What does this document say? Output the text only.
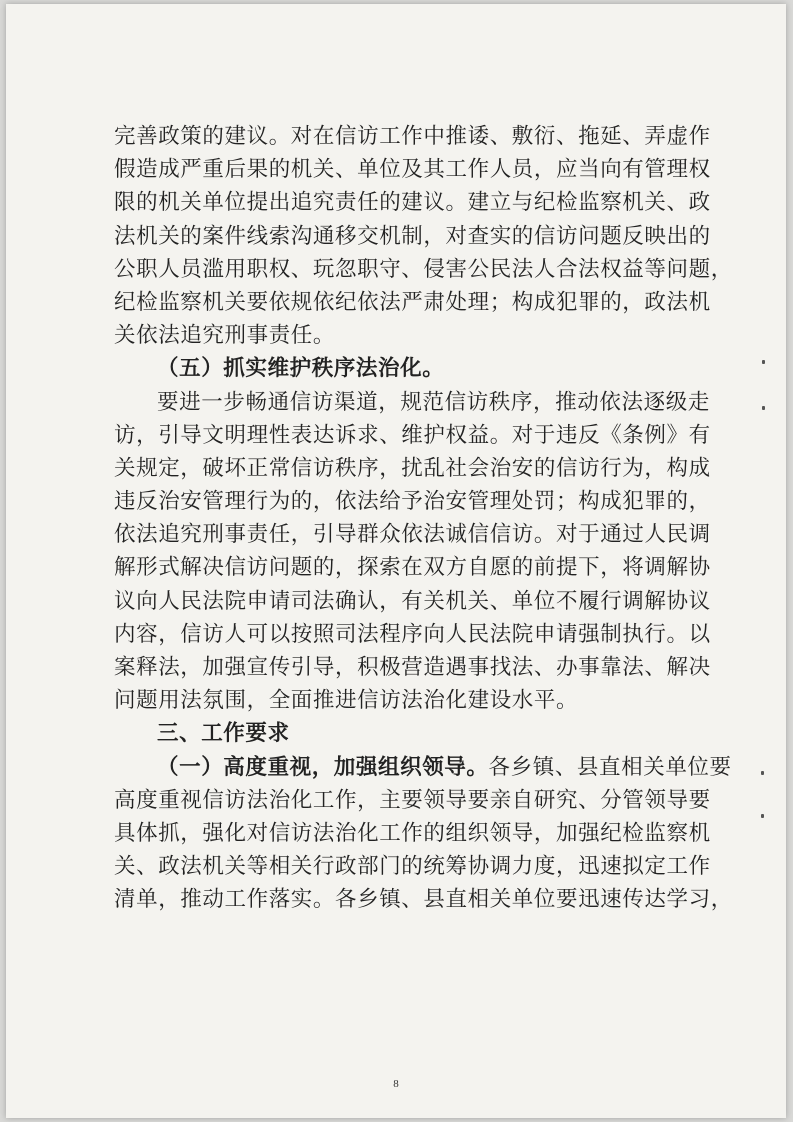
完善政策的建议。对在信访工作中推诿、敷衍、拖延、弄虚作
假造成严重后果的机关、单位及其工作人员，应当向有管理权
限的机关单位提出追究责任的建议。建立与纪检监察机关、政
法机关的案件线索沟通移交机制，对查实的信访问题反映出的
公职人员滥用职权、玩忽职守、侵害公民法人合法权益等问题，
纪检监察机关要依规依纪依法严肃处理；构成犯罪的，政法机
关依法追究刑事责任。
（五）抓实维护秩序法治化。
要进一步畅通信访渠道，规范信访秩序，推动依法逐级走
访，引导文明理性表达诉求、维护权益。对于违反《条例》有
关规定，破坏正常信访秩序，扰乱社会治安的信访行为，构成
违反治安管理行为的，依法给予治安管理处罚；构成犯罪的，
依法追究刑事责任，引导群众依法诚信信访。对于通过人民调
解形式解决信访问题的，探索在双方自愿的前提下，将调解协
议向人民法院申请司法确认，有关机关、单位不履行调解协议
内容，信访人可以按照司法程序向人民法院申请强制执行。以
案释法，加强宣传引导，积极营造遇事找法、办事靠法、解决
问题用法氛围，全面推进信访法治化建设水平。
三、工作要求
（一）高度重视，加强组织领导。各乡镇、县直相关单位要
高度重视信访法治化工作，主要领导要亲自研究、分管领导要
具体抓，强化对信访法治化工作的组织领导，加强纪检监察机
关、政法机关等相关行政部门的统筹协调力度，迅速拟定工作
清单，推动工作落实。各乡镇、县直相关单位要迅速传达学习，
8
